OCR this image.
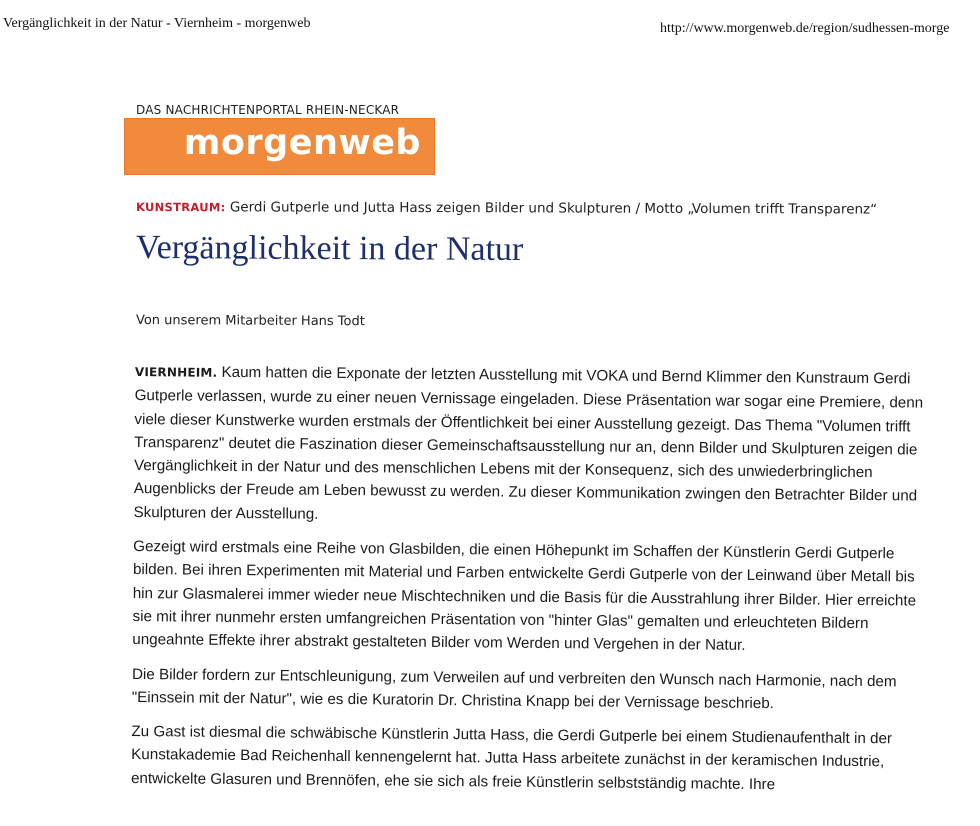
Vergänglichkeit in der Natur - Viernheim - morgenweb	http://www.morgenweb.de/region/sudhessen-morge
DAS NACHRICHTENPORTAL RHEIN-NECKAR
morgenweb
KUNSTRAUM: Gerdi Gutperle und Jutta Hass zeigen Bilder und Skulpturen / Motto „Volumen trifft Transparenz“
Vergänglichkeit in der Natur
Von unserem Mitarbeiter Hans Todt

VIERNHEIM. Kaum hatten die Exponate der letzten Ausstellung mit VOKA und Bernd Klimmer den Kunstraum Gerdi Gutperle verlassen, wurde zu einer neuen Vernissage eingeladen. Diese Präsentation war sogar eine Premiere, denn viele dieser Kunstwerke wurden erstmals der Öffentlichkeit bei einer Ausstellung gezeigt. Das Thema "Volumen trifft Transparenz" deutet die Faszination dieser Gemeinschaftsausstellung nur an, denn Bilder und Skulpturen zeigen die Vergänglichkeit in der Natur und des menschlichen Lebens mit der Konsequenz, sich des unwiederbringlichen Augenblicks der Freude am Leben bewusst zu werden. Zu dieser Kommunikation zwingen den Betrachter Bilder und Skulpturen der Ausstellung.

Gezeigt wird erstmals eine Reihe von Glasbilden, die einen Höhepunkt im Schaffen der Künstlerin Gerdi Gutperle bilden. Bei ihren Experimenten mit Material und Farben entwickelte Gerdi Gutperle von der Leinwand über Metall bis hin zur Glasmalerei immer wieder neue Mischtechniken und die Basis für die Ausstrahlung ihrer Bilder. Hier erreichte sie mit ihrer nunmehr ersten umfangreichen Präsentation von "hinter Glas" gemalten und erleuchteten Bildern ungeahnte Effekte ihrer abstrakt gestalteten Bilder vom Werden und Vergehen in der Natur.

Die Bilder fordern zur Entschleunigung, zum Verweilen auf und verbreiten den Wunsch nach Harmonie, nach dem "Einssein mit der Natur", wie es die Kuratorin Dr. Christina Knapp bei der Vernissage beschrieb.

Zu Gast ist diesmal die schwäbische Künstlerin Jutta Hass, die Gerdi Gutperle bei einem Studienaufenthalt in der Kunstakademie Bad Reichenhall kennengelernt hat. Jutta Hass arbeitete zunächst in der keramischen Industrie, entwickelte Glasuren und Brennöfen, ehe sie sich als freie Künstlerin selbstständig machte. Ihre
